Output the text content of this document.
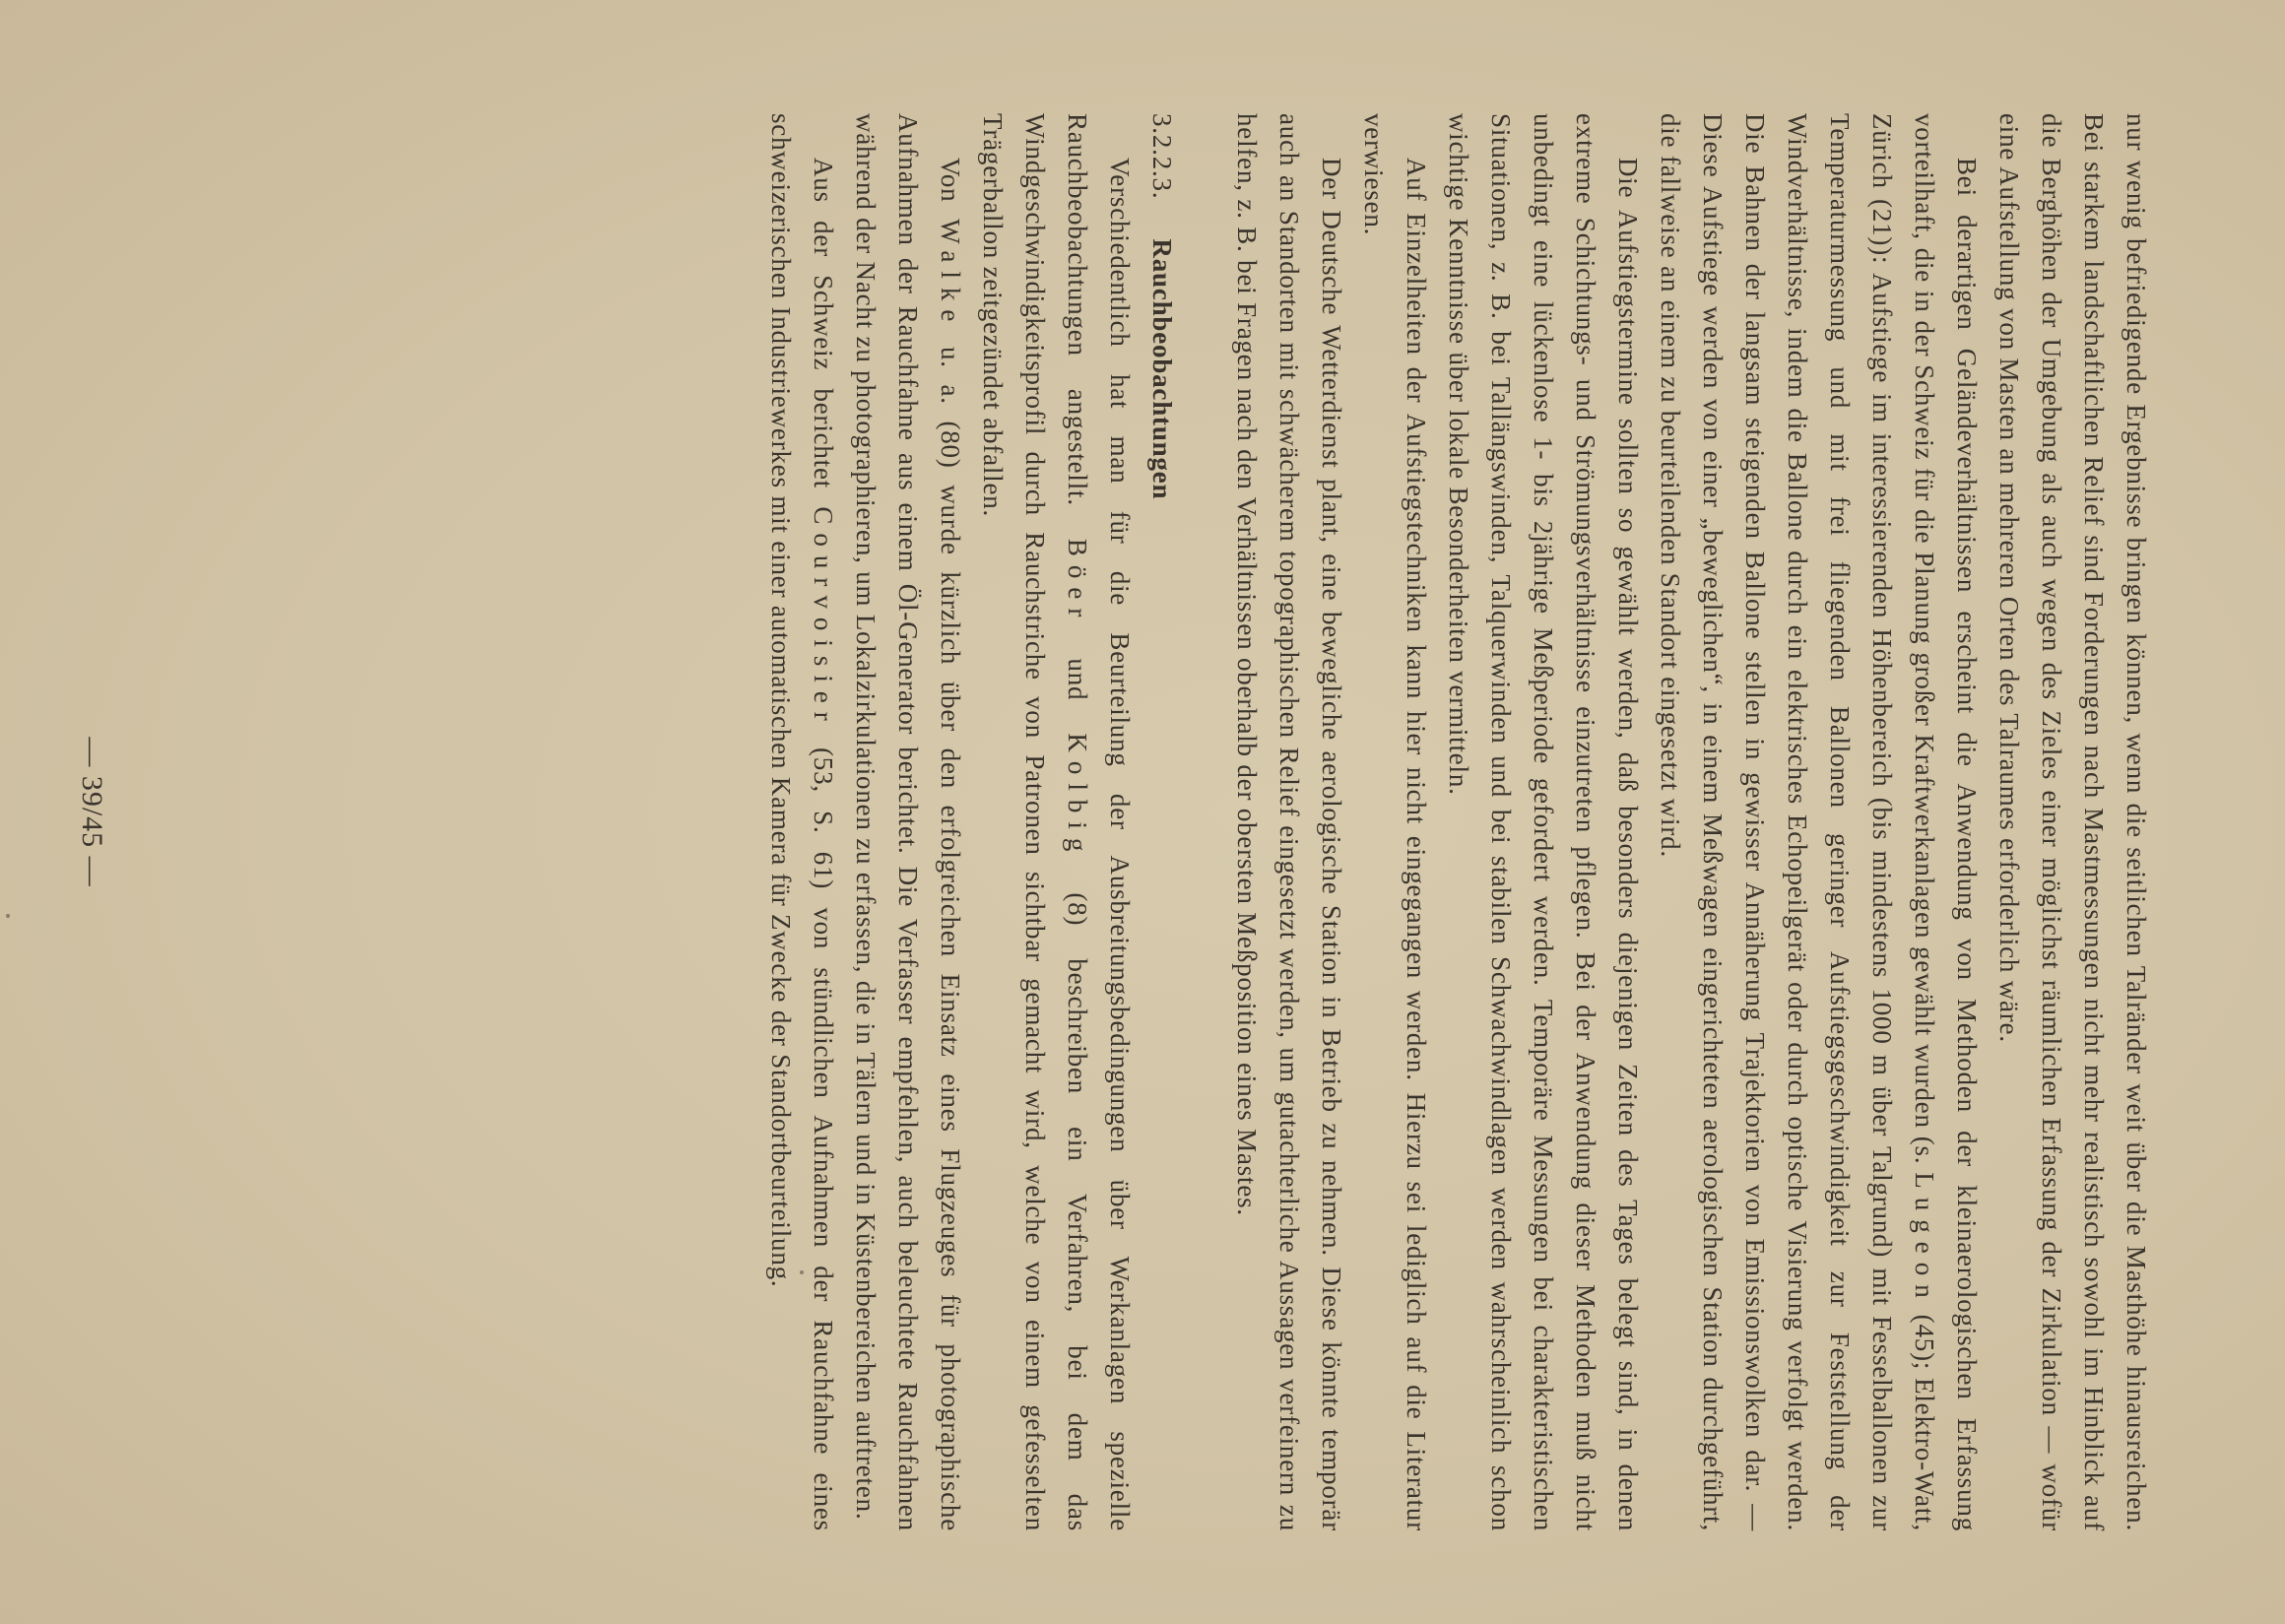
nur wenig befriedigende Ergebnisse bringen können, wenn die seitlichen Talränder weit über die Masthöhe hinausreichen. Bei starkem landschaftlichen Relief sind Forderungen nach Mastmessungen nicht mehr realistisch sowohl im Hinblick auf die Berghöhen der Umgebung als auch wegen des Zieles einer möglichst räumlichen Erfassung der Zirkulation — wofür eine Aufstellung von Masten an mehreren Orten des Talraumes erforderlich wäre.

Bei derartigen Geländeverhältnissen erscheint die Anwendung von Methoden der kleinaerologischen Erfassung vorteilhaft, die in der Schweiz für die Planung großer Kraftwerkanlagen gewählt wurden (s. Lugeon (45); Elektro-Watt, Zürich (21)): Aufstiege im interessierenden Höhenbereich (bis mindestens 1000 m über Talgrund) mit Fesselballonen zur Temperaturmessung und mit frei fliegenden Ballonen geringer Aufstiegsgeschwindigkeit zur Feststellung der Windverhältnisse, indem die Ballone durch ein elektrisches Echopeilgerät oder durch optische Visierung verfolgt werden. Die Bahnen der langsam steigenden Ballone stellen in gewisser Annäherung Trajektorien von Emissionswolken dar. — Diese Aufstiege werden von einer „beweglichen“, in einem Meßwagen eingerichteten aerologischen Station durchgeführt, die fallweise an einem zu beurteilenden Standort eingesetzt wird.

Die Aufstiegstermine sollten so gewählt werden, daß besonders diejenigen Zeiten des Tages belegt sind, in denen extreme Schichtungs- und Strömungsverhältnisse einzutreten pflegen. Bei der Anwendung dieser Methoden muß nicht unbedingt eine lückenlose 1- bis 2jährige Meßperiode gefordert werden. Temporäre Messungen bei charakteristischen Situationen, z. B. bei Tallängswinden, Talquerwinden und bei stabilen Schwachwindlagen werden wahrscheinlich schon wichtige Kenntnisse über lokale Besonderheiten vermitteln.

Auf Einzelheiten der Aufstiegstechniken kann hier nicht eingegangen werden. Hierzu sei lediglich auf die Literatur verwiesen.

Der Deutsche Wetterdienst plant, eine bewegliche aerologische Station in Betrieb zu nehmen. Diese könnte temporär auch an Standorten mit schwächerem topographischen Relief eingesetzt werden, um gutachterliche Aussagen verfeinern zu helfen, z. B. bei Fragen nach den Verhältnissen oberhalb der obersten Meßposition eines Mastes.

3.2.2.3.
Rauchbeobachtungen

Verschiedentlich hat man für die Beurteilung der Ausbreitungsbedingungen über Werkanlagen spezielle Rauchbeobachtungen angestellt. Böer und Kolbig (8) beschreiben ein Verfahren, bei dem das Windgeschwindigkeitsprofil durch Rauchstriche von Patronen sichtbar gemacht wird, welche von einem gefesselten Trägerballon zeitgezündet abfallen.

Von Walke u. a. (80) wurde kürzlich über den erfolgreichen Einsatz eines Flugzeuges für photographische Aufnahmen der Rauchfahne aus einem Öl-Generator berichtet. Die Verfasser empfehlen, auch beleuchtete Rauchfahnen während der Nacht zu photographieren, um Lokalzirkulationen zu erfassen, die in Tälern und in Küstenbereichen auftreten.

Aus der Schweiz berichtet Courvoisier (53, S. 61) von stündlichen Aufnahmen der Rauchfahne eines schweizerischen Industriewerkes mit einer automatischen Kamera für Zwecke der Standortbeurteilung.

— 39/45 —
